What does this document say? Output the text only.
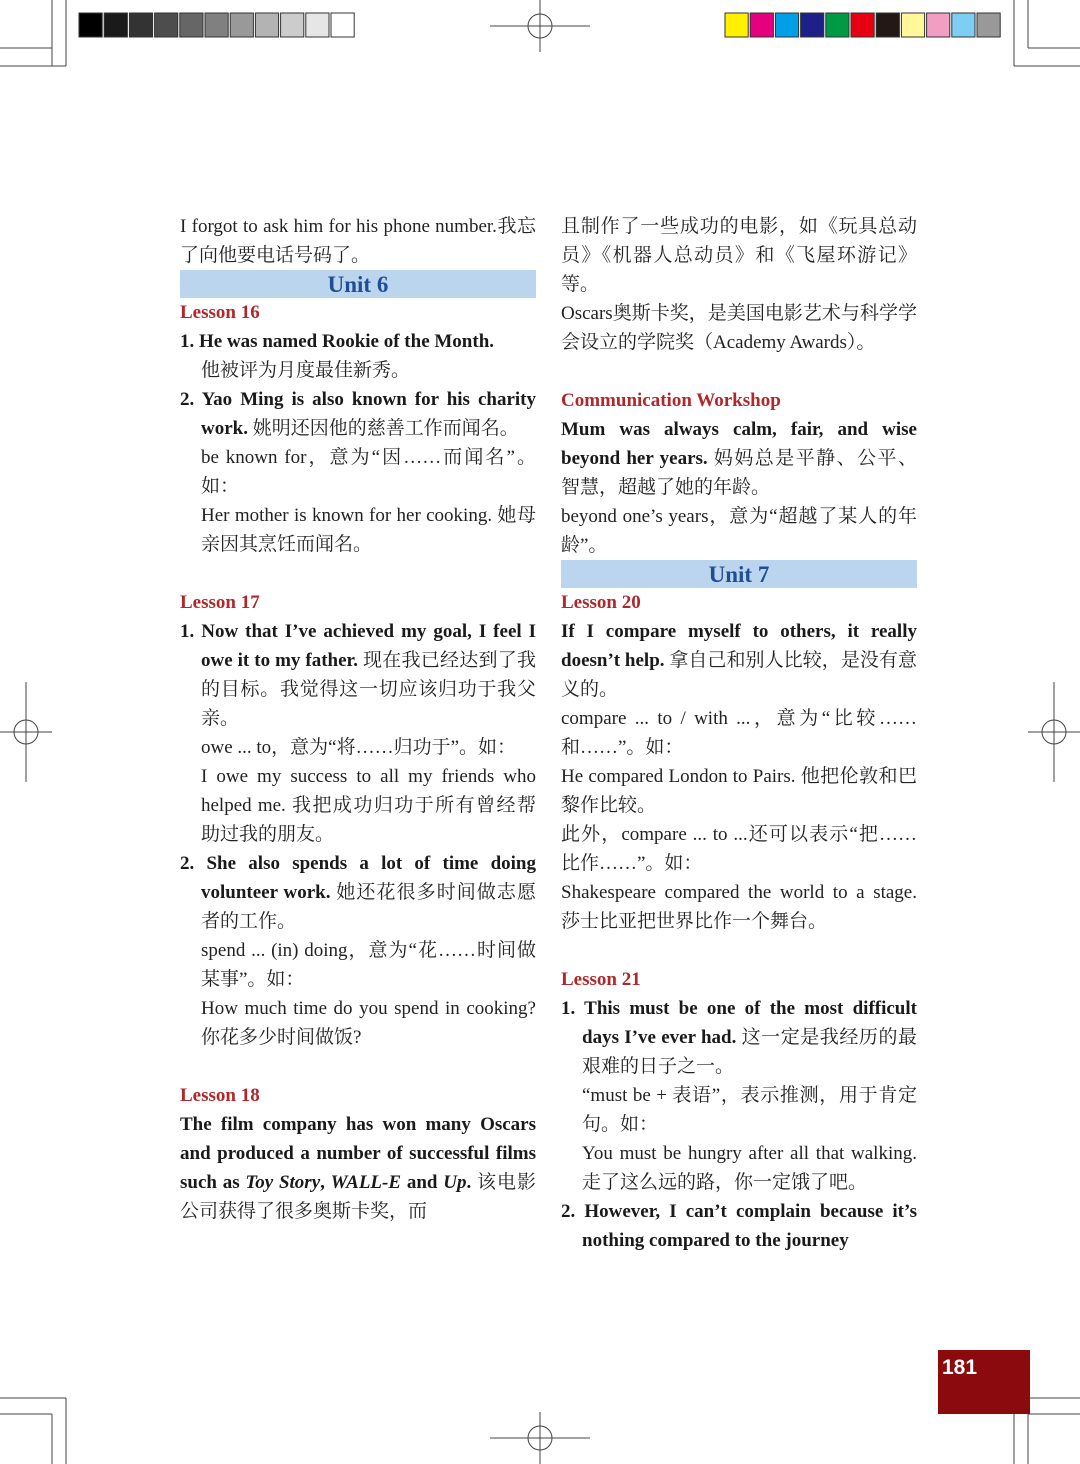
I forgot to ask him for his phone number.我忘了向他要电话号码了。

Unit 6

Lesson 16

1. He was named Rookie of the Month.
他被评为月度最佳新秀。

2. Yao Ming is also known for his charity work. 姚明还因他的慈善工作而闻名。

be known for，意为“因……而闻名”。如：

Her mother is known for her cooking. 她母亲因其烹饪而闻名。

Lesson 17

1. Now that I’ve achieved my goal, I feel I owe it to my father. 现在我已经达到了我的目标。我觉得这一切应该归功于我父亲。

owe ... to，意为“将……归功于”。如：

I owe my success to all my friends who helped me. 我把成功归功于所有曾经帮助过我的朋友。

2. She also spends a lot of time doing volunteer work. 她还花很多时间做志愿者的工作。

spend ... (in) doing，意为“花……时间做某事”。如：

How much time do you spend in cooking? 你花多少时间做饭?

Lesson 18

The film company has won many Oscars and produced a number of successful films such as Toy Story, WALL-E and Up. 该电影公司获得了很多奥斯卡奖，而

且制作了一些成功的电影，如《玩具总动员》《机器人总动员》和《飞屋环游记》等。

Oscars奥斯卡奖，是美国电影艺术与科学学会设立的学院奖（Academy Awards）。

Communication Workshop

Mum was always calm, fair, and wise beyond her years. 妈妈总是平静、公平、智慧，超越了她的年龄。

beyond one’s years，意为“超越了某人的年龄”。

Unit 7

Lesson 20

If I compare myself to others, it really doesn’t help. 拿自己和别人比较，是没有意义的。

compare ... to / with ...，意为“比较……和……”。如：

He compared London to Pairs. 他把伦敦和巴黎作比较。

此外，compare ... to ...还可以表示“把……比作……”。如：

Shakespeare compared the world to a stage. 莎士比亚把世界比作一个舞台。

Lesson 21

1. This must be one of the most difficult days I’ve ever had. 这一定是我经历的最艰难的日子之一。

“must be + 表语”，表示推测，用于肯定句。如：

You must be hungry after all that walking. 走了这么远的路，你一定饿了吧。

2. However, I can’t complain because it’s nothing compared to the journey

181
